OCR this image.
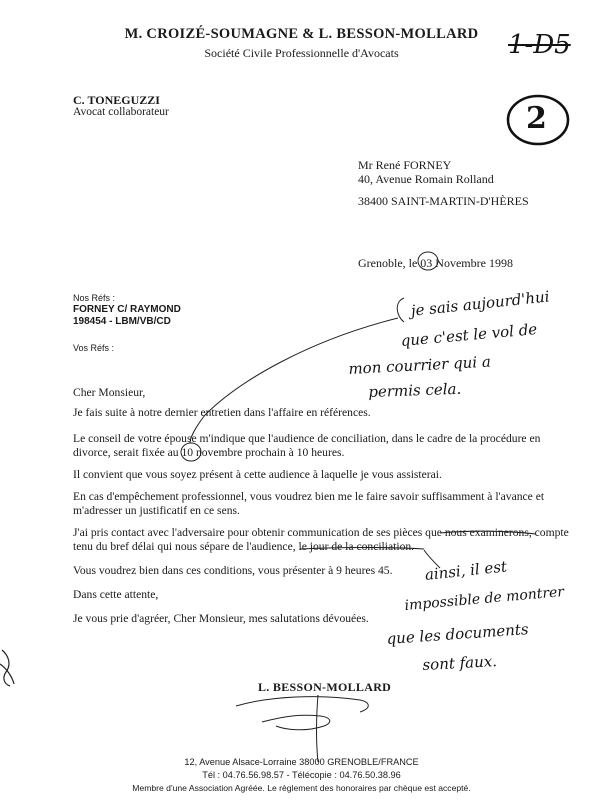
M. CROIZÉ-SOUMAGNE & L. BESSON-MOLLARD
Société Civile Professionnelle d'Avocats
C. TONEGUZZI
Avocat collaborateur
Mr René FORNEY
40, Avenue Romain Rolland
38400 SAINT-MARTIN-D'HÈRES
Grenoble, le 03 Novembre 1998
Nos Réfs :
FORNEY C/ RAYMOND
198454 - LBM/VB/CD
Vos Réfs :
Cher Monsieur,
Je fais suite à notre dernier entretien dans l'affaire en références.
Le conseil de votre épouse m'indique que l'audience de conciliation, dans le cadre de la procédure en
divorce, serait fixée au 10 novembre prochain à 10 heures.
Il convient que vous soyez présent à cette audience à laquelle je vous assisterai.
En cas d'empêchement professionnel, vous voudrez bien me le faire savoir suffisamment à l'avance et
m'adresser un justificatif en ce sens.
J'ai pris contact avec l'adversaire pour obtenir communication de ses pièces que nous examinerons, compte
tenu du bref délai qui nous sépare de l'audience, le jour de la conciliation.
Vous voudrez bien dans ces conditions, vous présenter à 9 heures 45.
Dans cette attente,
Je vous prie d'agréer, Cher Monsieur, mes salutations dévouées.
L. BESSON-MOLLARD
12, Avenue Alsace-Lorraine 38000 GRENOBLE/FRANCE
Tél : 04.76.56.98.57 - Télécopie : 04.76.50.38.96
Membre d'une Association Agréée. Le règlement des honoraires par chèque est accepté.
1-D5
2
je sais aujourd'hui
que c'est le vol de
mon courrier qui a
permis cela.
ainsi, il est
impossible de montrer
que les documents
sont faux.
